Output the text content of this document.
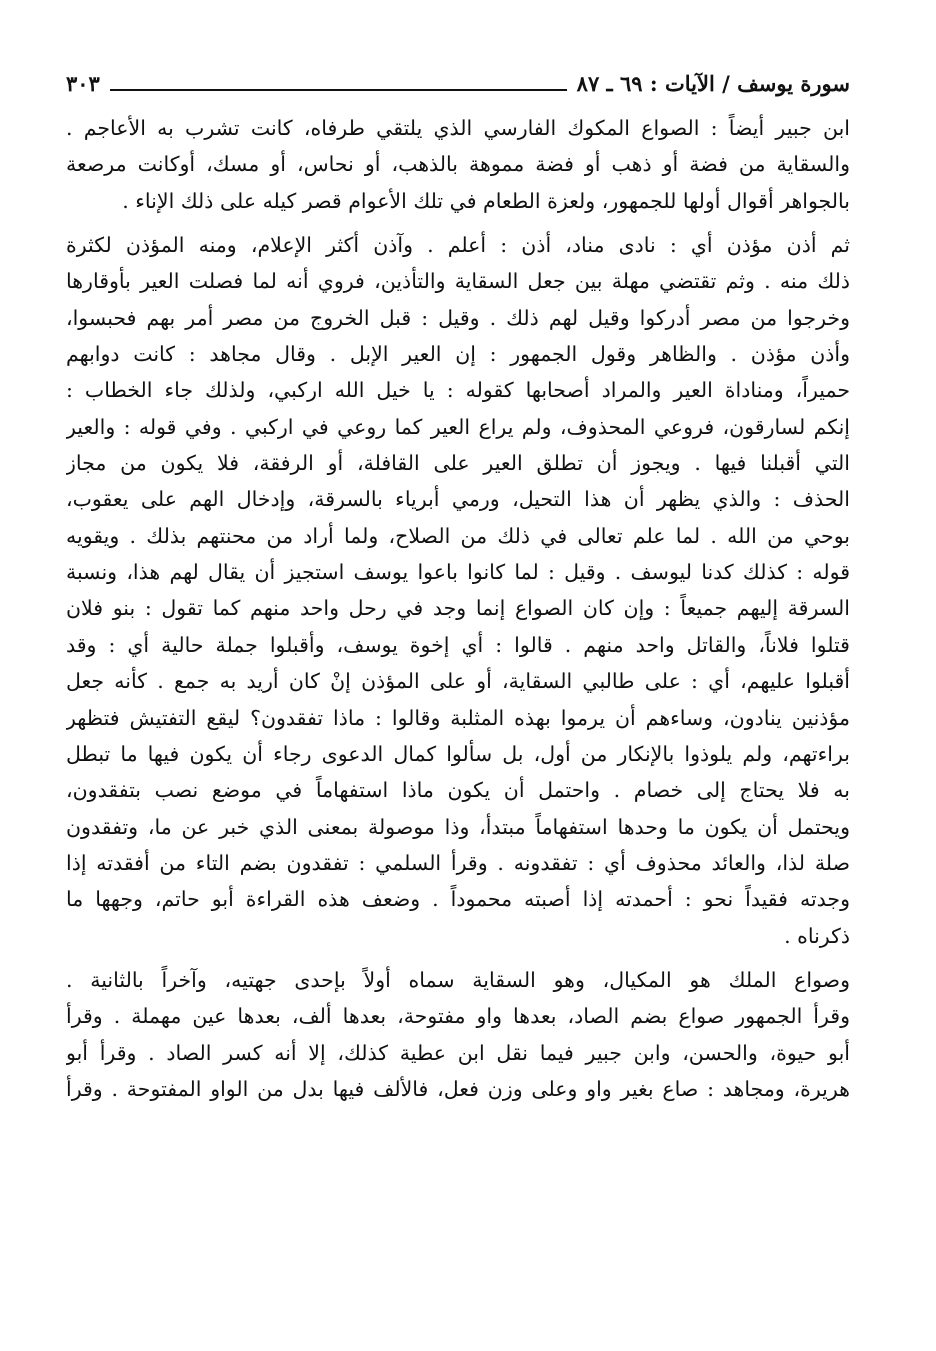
سورة يوسف / الآيات : ٦٩ ـ ٨٧
٣٠٣
ابن جبير أيضاً : الصواع المكوك الفارسي الذي يلتقي طرفاه، كانت تشرب به الأعاجم .
والسقاية من فضة أو ذهب أو فضة مموهة بالذهب، أو نحاس، أو مسك، أوكانت مرصعة
بالجواهر أقوال أولها للجمهور، ولعزة الطعام في تلك الأعوام قصر كيله على ذلك الإناء .
ثم أذن مؤذن أي : نادى مناد، أذن : أعلم . وآذن أكثر الإعلام، ومنه المؤذن لكثرة
ذلك منه . وثم تقتضي مهلة بين جعل السقاية والتأذين، فروي أنه لما فصلت العير بأوقارها
وخرجوا من مصر أدركوا وقيل لهم ذلك . وقيل : قبل الخروج من مصر أمر بهم فحبسوا،
وأذن مؤذن . والظاهر وقول الجمهور : إن العير الإبل . وقال مجاهد : كانت دوابهم
حميراً، ومناداة العير والمراد أصحابها كقوله : يا خيل الله اركبي، ولذلك جاء الخطاب :
إنكم لسارقون، فروعي المحذوف، ولم يراع العير كما روعي في اركبي . وفي قوله : والعير
التي أقبلنا فيها . ويجوز أن تطلق العير على القافلة، أو الرفقة، فلا يكون من مجاز
الحذف : والذي يظهر أن هذا التحيل، ورمي أبرياء بالسرقة، وإدخال الهم على يعقوب،
بوحي من الله . لما علم تعالى في ذلك من الصلاح، ولما أراد من محنتهم بذلك . ويقويه
قوله : كذلك كدنا ليوسف . وقيل : لما كانوا باعوا يوسف استجيز أن يقال لهم هذا، ونسبة
السرقة إليهم جميعاً : وإن كان الصواع إنما وجد في رحل واحد منهم كما تقول : بنو فلان
قتلوا فلاناً، والقاتل واحد منهم . قالوا : أي إخوة يوسف، وأقبلوا جملة حالية أي : وقد
أقبلوا عليهم، أي : على طالبي السقاية، أو على المؤذن إنْ كان أريد به جمع . كأنه جعل
مؤذنين ينادون، وساءهم أن يرموا بهذه المثلبة وقالوا : ماذا تفقدون؟ ليقع التفتيش فتظهر
براءتهم، ولم يلوذوا بالإنكار من أول، بل سألوا كمال الدعوى رجاء أن يكون فيها ما تبطل
به فلا يحتاج إلى خصام . واحتمل أن يكون ماذا استفهاماً في موضع نصب بتفقدون،
ويحتمل أن يكون ما وحدها استفهاماً مبتدأ، وذا موصولة بمعنى الذي خبر عن ما، وتفقدون
صلة لذا، والعائد محذوف أي : تفقدونه . وقرأ السلمي : تفقدون بضم التاء من أفقدته إذا
وجدته فقيداً نحو : أحمدته إذا أصبته محموداً . وضعف هذه القراءة أبو حاتم، وجهها ما
ذكرناه .
وصواع الملك هو المكيال، وهو السقاية سماه أولاً بإحدى جهتيه، وآخراً بالثانية .
وقرأ الجمهور صواع بضم الصاد، بعدها واو مفتوحة، بعدها ألف، بعدها عين مهملة . وقرأ
أبو حيوة، والحسن، وابن جبير فيما نقل ابن عطية كذلك، إلا أنه كسر الصاد . وقرأ أبو
هريرة، ومجاهد : صاع بغير واو وعلى وزن فعل، فالألف فيها بدل من الواو المفتوحة . وقرأ
